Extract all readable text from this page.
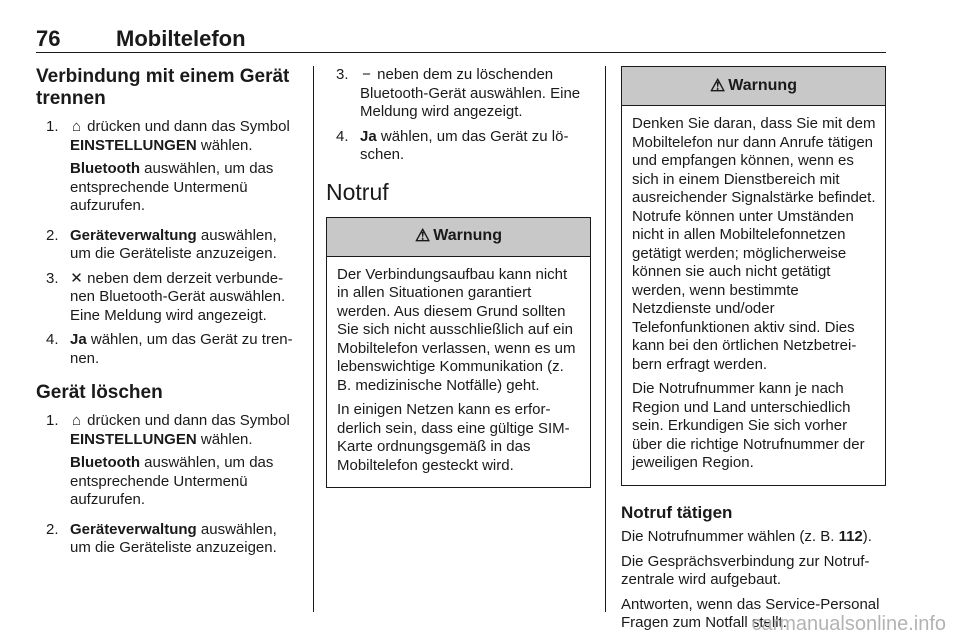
76	Mobiltelefon
Verbindung mit einem Gerät trennen
1. ⌂ drücken und dann das Symbol
EINSTELLUNGEN wählen.

Bluetooth auswählen, um das entsprechende Untermenü aufzurufen.

2. Geräteverwaltung auswählen, um die Geräteliste anzuzeigen.
3. ✕ neben dem derzeit verbundenen Bluetooth-Gerät auswählen. Eine Meldung wird angezeigt.
4. Ja wählen, um das Gerät zu trennen.
Gerät löschen
1. ⌂ drücken und dann das Symbol
EINSTELLUNGEN wählen.

Bluetooth auswählen, um das entsprechende Untermenü aufzurufen.

2. Geräteverwaltung auswählen, um die Geräteliste anzuzeigen.
3. − neben dem zu löschenden Bluetooth-Gerät auswählen. Eine Meldung wird angezeigt.
4. Ja wählen, um das Gerät zu löschen.
Notruf
⚠ Warnung

Der Verbindungsaufbau kann nicht in allen Situationen garantiert werden. Aus diesem Grund sollten Sie sich nicht ausschließlich auf ein Mobiltelefon verlassen, wenn es um lebenswichtige Kommunikation (z. B. medizinische Notfälle) geht.

In einigen Netzen kann es erforderlich sein, dass eine gültige SIM-Karte ordnungsgemäß in das Mobiltelefon gesteckt wird.

⚠ Warnung

Denken Sie daran, dass Sie mit dem Mobiltelefon nur dann Anrufe tätigen und empfangen können, wenn es sich in einem Dienstbereich mit ausreichender Signalstärke befindet. Notrufe können unter Umständen nicht in allen Mobiltelefonnetzen getätigt werden; möglicherweise können sie auch nicht getätigt werden, wenn bestimmte Netzdienste und/oder Telefonfunktionen aktiv sind. Dies kann bei den örtlichen Netzbetreibern erfragt werden.

Die Notrufnummer kann je nach Region und Land unterschiedlich sein. Erkundigen Sie sich vorher über die richtige Notrufnummer der jeweiligen Region.

Notruf tätigen

Die Notrufnummer wählen (z. B. 112).

Die Gesprächsverbindung zur Notrufzentrale wird aufgebaut.

Antworten, wenn das Service-Personal Fragen zum Notfall stellt.

carmanualsonline.info
